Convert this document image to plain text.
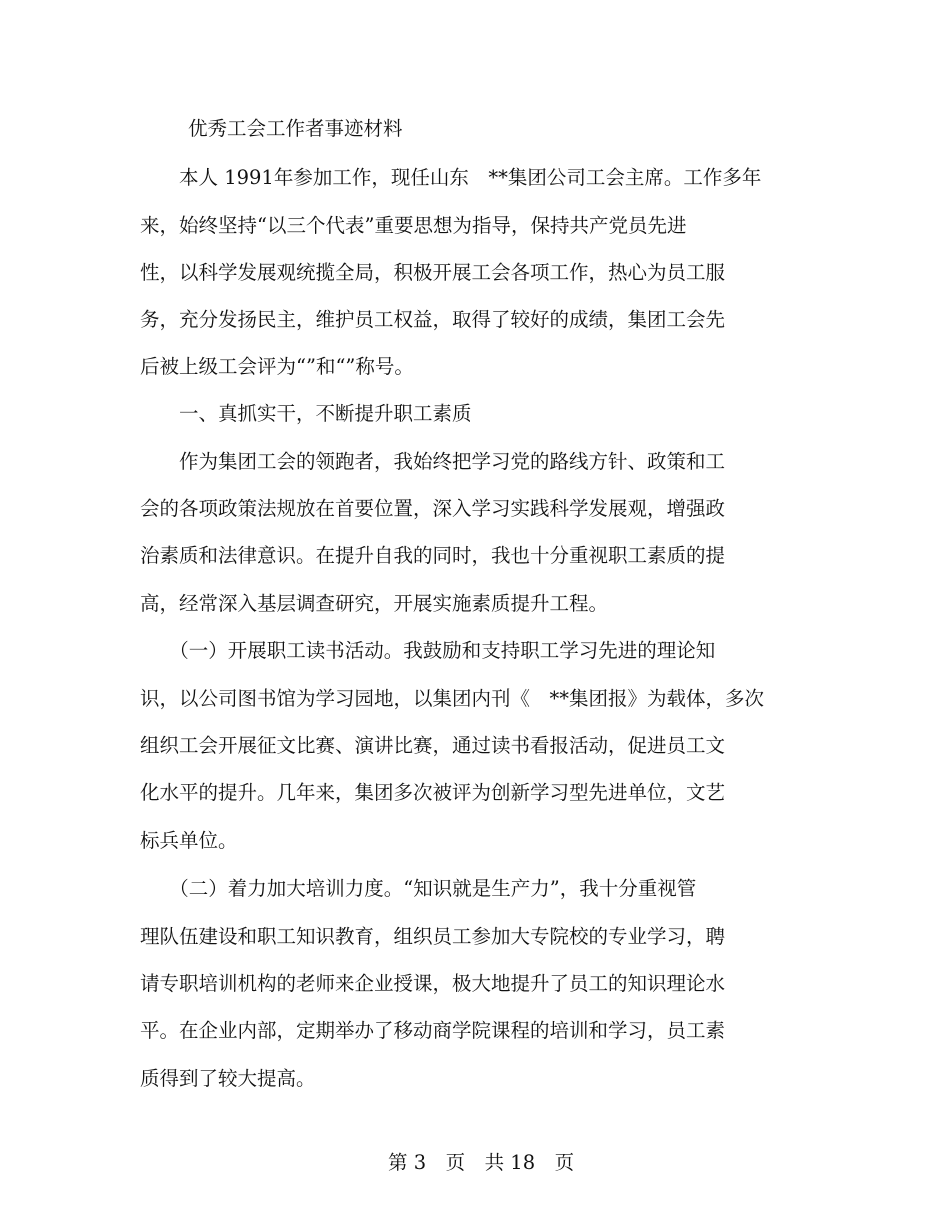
优秀工会工作者事迹材料
　　本人 1991年参加工作，现任山东　**集团公司工会主席。工作多年
来，始终坚持“以三个代表”重要思想为指导，保持共产党员先进
性，以科学发展观统揽全局，积极开展工会各项工作，热心为员工服
务，充分发扬民主，维护员工权益，取得了较好的成绩，集团工会先
后被上级工会评为“”和“”称号。
　　一、真抓实干，不断提升职工素质
　　作为集团工会的领跑者，我始终把学习党的路线方针、政策和工
会的各项政策法规放在首要位置，深入学习实践科学发展观，增强政
治素质和法律意识。在提升自我的同时，我也十分重视职工素质的提
高，经常深入基层调查研究，开展实施素质提升工程。
　　（一）开展职工读书活动。我鼓励和支持职工学习先进的理论知
识，以公司图书馆为学习园地，以集团内刊《　**集团报》为载体，多次
组织工会开展征文比赛、演讲比赛，通过读书看报活动，促进员工文
化水平的提升。几年来，集团多次被评为创新学习型先进单位，文艺
标兵单位。
　　（二）着力加大培训力度。“知识就是生产力”，我十分重视管
理队伍建设和职工知识教育，组织员工参加大专院校的专业学习，聘
请专职培训机构的老师来企业授课，极大地提升了员工的知识理论水
平。在企业内部，定期举办了移动商学院课程的培训和学习，员工素
质得到了较大提高。
第 3　页　共 18　页
